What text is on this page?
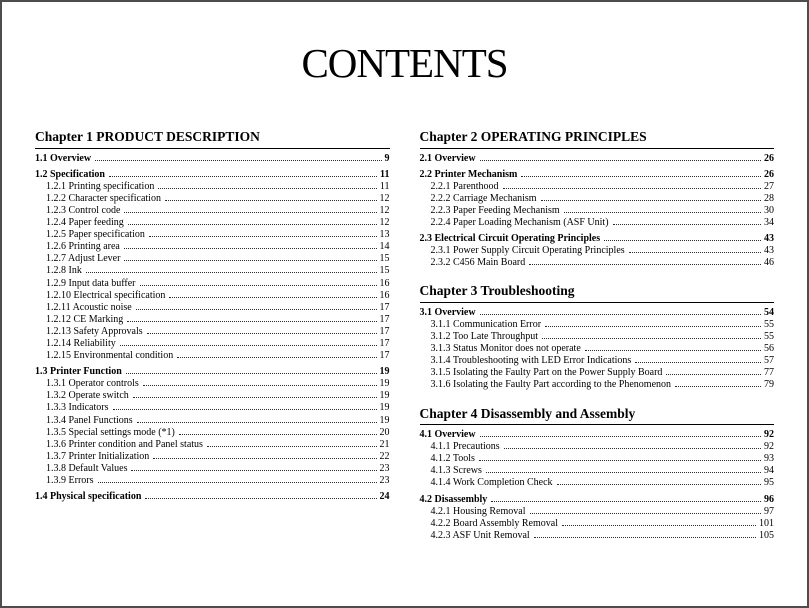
CONTENTS
Chapter 1 PRODUCT DESCRIPTION
1.1 Overview	9
1.2 Specification	11
1.2.1 Printing specification	11
1.2.2 Character specification	12
1.2.3 Control code	12
1.2.4 Paper feeding	12
1.2.5 Paper specification	13
1.2.6 Printing area	14
1.2.7 Adjust Lever	15
1.2.8 Ink	15
1.2.9 Input data buffer	16
1.2.10 Electrical specification	16
1.2.11 Acoustic noise	17
1.2.12 CE Marking	17
1.2.13 Safety Approvals	17
1.2.14 Reliability	17
1.2.15 Environmental condition	17
1.3 Printer Function	19
1.3.1 Operator controls	19
1.3.2 Operate switch	19
1.3.3 Indicators	19
1.3.4 Panel Functions	19
1.3.5 Special settings mode (*1)	20
1.3.6 Printer condition and Panel status	21
1.3.7 Printer Initialization	22
1.3.8 Default Values	23
1.3.9 Errors	23
1.4 Physical specification	24
Chapter 2 OPERATING PRINCIPLES
2.1 Overview	26
2.2 Printer Mechanism	26
2.2.1 Parenthood	27
2.2.2 Carriage Mechanism	28
2.2.3 Paper Feeding Mechanism	30
2.2.4 Paper Loading Mechanism (ASF Unit)	34
2.3 Electrical Circuit Operating Principles	43
2.3.1 Power Supply Circuit Operating Principles	43
2.3.2 C456 Main Board	46
Chapter 3 Troubleshooting
3.1 Overview	54
3.1.1 Communication Error	55
3.1.2 Too Late Throughput	55
3.1.3 Status Monitor does not operate	56
3.1.4 Troubleshooting with LED Error Indications	57
3.1.5 Isolating the Faulty Part on the Power Supply Board	77
3.1.6 Isolating the Faulty Part according to the Phenomenon	79
Chapter 4 Disassembly and Assembly
4.1 Overview	92
4.1.1 Precautions	92
4.1.2 Tools	93
4.1.3 Screws	94
4.1.4 Work Completion Check	95
4.2 Disassembly	96
4.2.1 Housing Removal	97
4.2.2 Board Assembly Removal	101
4.2.3 ASF Unit Removal	105
